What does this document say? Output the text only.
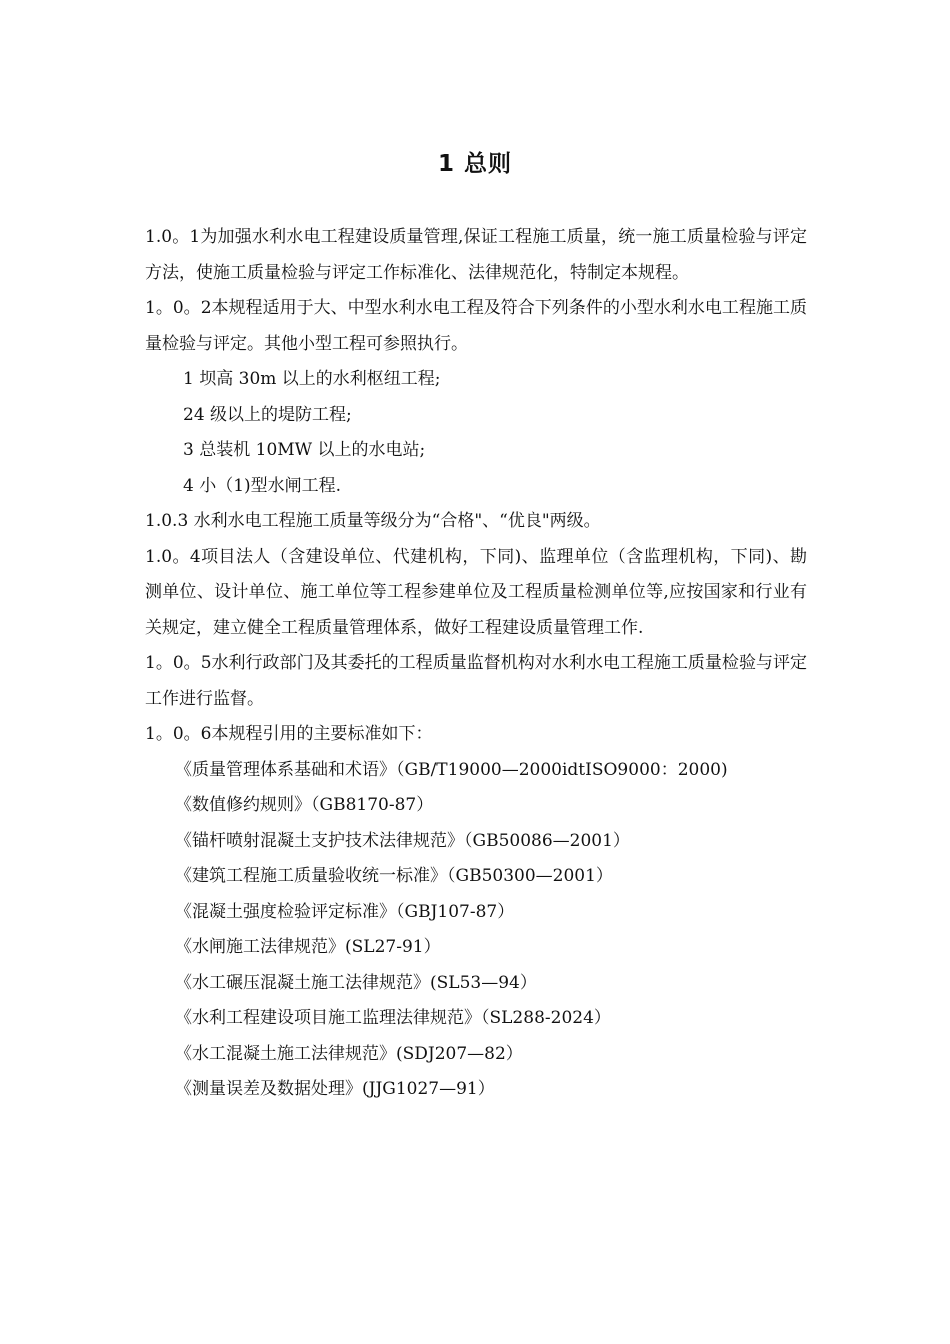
1 总则

1.0。1为加强水利水电工程建设质量管理,保证工程施工质量，统一施工质量检验与评定方法，使施工质量检验与评定工作标准化、法律规范化，特制定本规程。

1。0。2本规程适用于大、中型水利水电工程及符合下列条件的小型水利水电工程施工质量检验与评定。其他小型工程可参照执行。

1 坝高 30m 以上的水利枢纽工程;

24 级以上的堤防工程;

3 总装机 10MW 以上的水电站;

4 小（1)型水闸工程.

1.0.3 水利水电工程施工质量等级分为“合格"、“优良"两级。

1.0。4项目法人（含建设单位、代建机构，下同)、监理单位（含监理机构，下同)、勘测单位、设计单位、施工单位等工程参建单位及工程质量检测单位等,应按国家和行业有关规定，建立健全工程质量管理体系，做好工程建设质量管理工作.

1。0。5水利行政部门及其委托的工程质量监督机构对水利水电工程施工质量检验与评定工作进行监督。

1。0。6本规程引用的主要标准如下：

《质量管理体系基础和术语》（GB/T19000—2000idtISO9000：2000)

《数值修约规则》（GB8170-87）

《锚杆喷射混凝土支护技术法律规范》（GB50086—2001）

《建筑工程施工质量验收统一标准》（GB50300—2001）

《混凝土强度检验评定标准》（GBJ107-87）

《水闸施工法律规范》(SL27-91）

《水工碾压混凝土施工法律规范》(SL53—94）

《水利工程建设项目施工监理法律规范》（SL288-2024）

《水工混凝土施工法律规范》(SDJ207—82）

《测量误差及数据处理》(JJG1027—91）
